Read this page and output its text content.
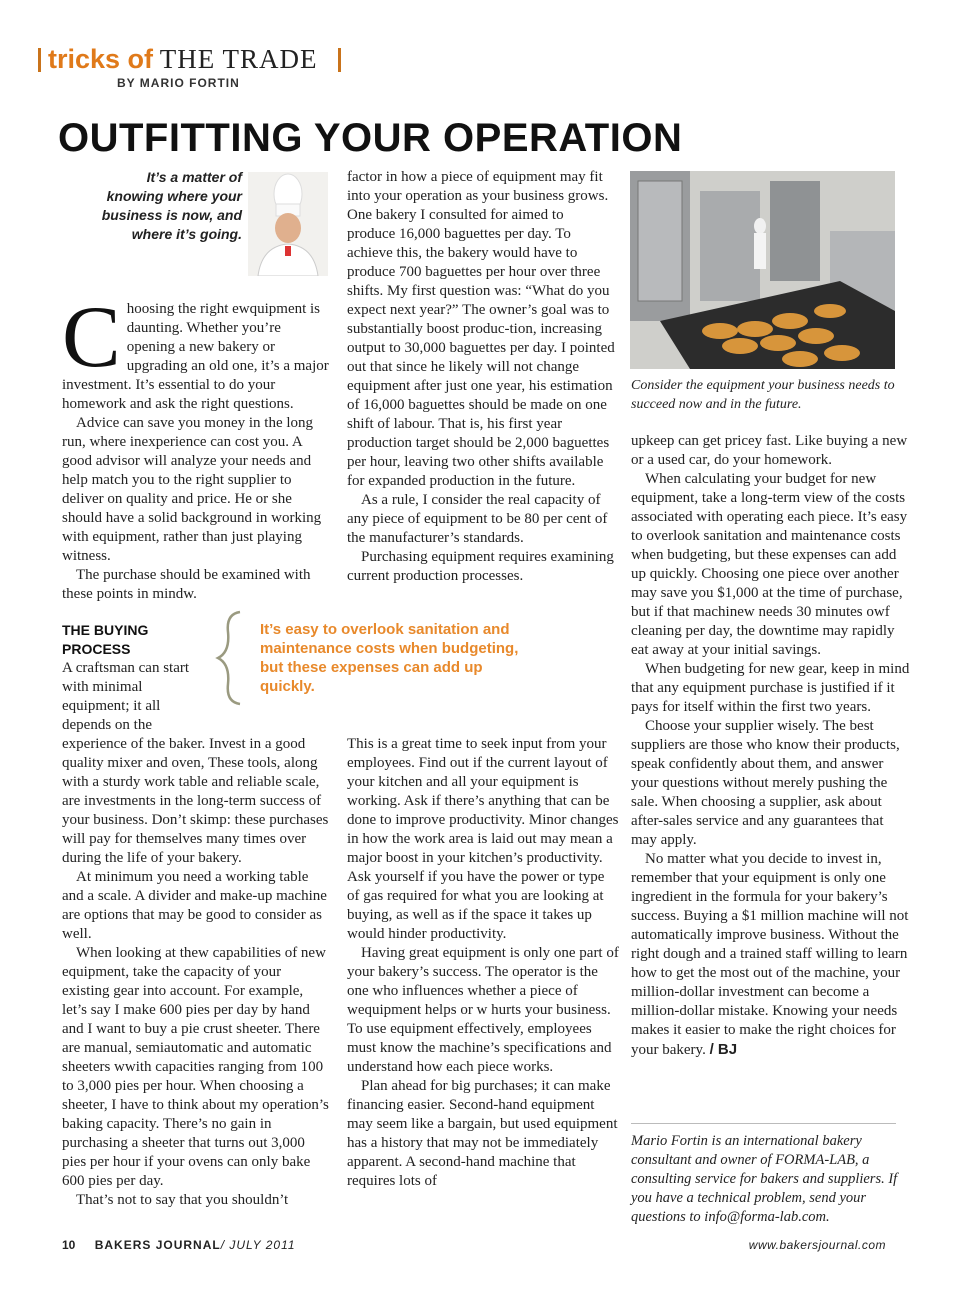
tricks of THE TRADE
BY MARIO FORTIN
OUTFITTING YOUR OPERATION
It’s a matter of knowing where your business is now, and where it’s going.

Choosing the right ewquipment is daunting. Whether you’re opening a new bakery or upgrading an old one, it’s a major investment. It’s essential to do your homework and ask the right questions.

Advice can save you money in the long run, where inexperience can cost you. A good advisor will analyze your needs and help match you to the right supplier to deliver on quality and price. He or she should have a solid background in working with equipment, rather than just playing witness.

The purchase should be examined with these points in mindw.

THE BUYING PROCESS

A craftsman can start with minimal equipment; it all depends on the

experience of the baker. Invest in a good quality mixer and oven, These tools, along with a sturdy work table and reliable scale, are investments in the long-term success of your business. Don’t skimp: these purchases will pay for themselves many times over during the life of your bakery.

At minimum you need a working table and a scale. A divider and make-up machine are options that may be good to consider as well.

When looking at thew capabilities of new equipment, take the capacity of your existing gear into account. For example, let’s say I make 600 pies per day by hand and I want to buy a pie crust sheeter. There are manual, semiautomatic and automatic sheeters wwith capacities ranging from 100 to 3,000 pies per hour. When choosing a sheeter, I have to think about my operation’s baking capacity. There’s no gain in purchasing a sheeter that turns out 3,000 pies per hour if your ovens can only bake 600 pies per day.

That’s not to say that you shouldn’t

It’s easy to overlook sanitation and maintenance costs when budgeting, but these expenses can add up quickly.

factor in how a piece of equipment may fit into your operation as your business grows. One bakery I consulted for aimed to produce 16,000 baguettes per day. To achieve this, the bakery would have to produce 700 baguettes per hour over three shifts. My first question was: “What do you expect next year?” The owner’s goal was to substantially boost produc-tion, increasing output to 30,000 baguettes per day. I pointed out that since he likely will not change equipment after just one year, his estimation of 16,000 baguettes should be made on one shift of labour. That is, his first year production target should be 2,000 baguettes per hour, leaving two other shifts available for expanded production in the future.

As a rule, I consider the real capacity of any piece of equipment to be 80 per cent of the manufacturer’s standards.

Purchasing equipment requires examining current production processes.

This is a great time to seek input from your employees. Find out if the current layout of your kitchen and all your equipment is working. Ask if there’s anything that can be done to improve productivity. Minor changes in how the work area is laid out may mean a major boost in your kitchen’s productivity. Ask yourself if you have the power or type of gas required for what you are looking at buying, as well as if the space it takes up would hinder productivity.

Having great equipment is only one part of your bakery’s success. The operator is the one who influences whether a piece of wequipment helps or w hurts your business. To use equipment effectively, employees must know the machine’s specifications and understand how each piece works.

Plan ahead for big purchases; it can make financing easier. Second-hand equipment may seem like a bargain, but used equipment has a history that may not be immediately apparent. A second-hand machine that requires lots of

Consider the equipment your business needs to succeed now and in the future.

upkeep can get pricey fast. Like buying a new or a used car, do your homework.

When calculating your budget for new equipment, take a long-term view of the costs associated with operating each piece. It’s easy to overlook sanitation and maintenance costs when budgeting, but these expenses can add up quickly. Choosing one piece over another may save you $1,000 at the time of purchase, but if that machinew needs 30 minutes owf cleaning per day, the downtime may rapidly eat away at your initial savings.

When budgeting for new gear, keep in mind that any equipment purchase is justified if it pays for itself within the first two years.

Choose your supplier wisely. The best suppliers are those who know their products, speak confidently about them, and answer your questions without merely pushing the sale. When choosing a supplier, ask about after-sales service and any guarantees that may apply.

No matter what you decide to invest in, remember that your equipment is only one ingredient in the formula for your bakery’s success. Buying a $1 million machine will not automatically improve business. Without the right dough and a trained staff willing to learn how to get the most out of the machine, your million-dollar investment can become a million-dollar mistake. Knowing your needs makes it easier to make the right choices for your bakery. / BJ

Mario Fortin is an international bakery consultant and owner of FORMA-LAB, a consulting service for bakers and suppliers. If you have a technical problem, send your questions to info@forma-lab.com.
10 BAKERS JOURNAL/ JULY 2011	www.bakersjournal.com
